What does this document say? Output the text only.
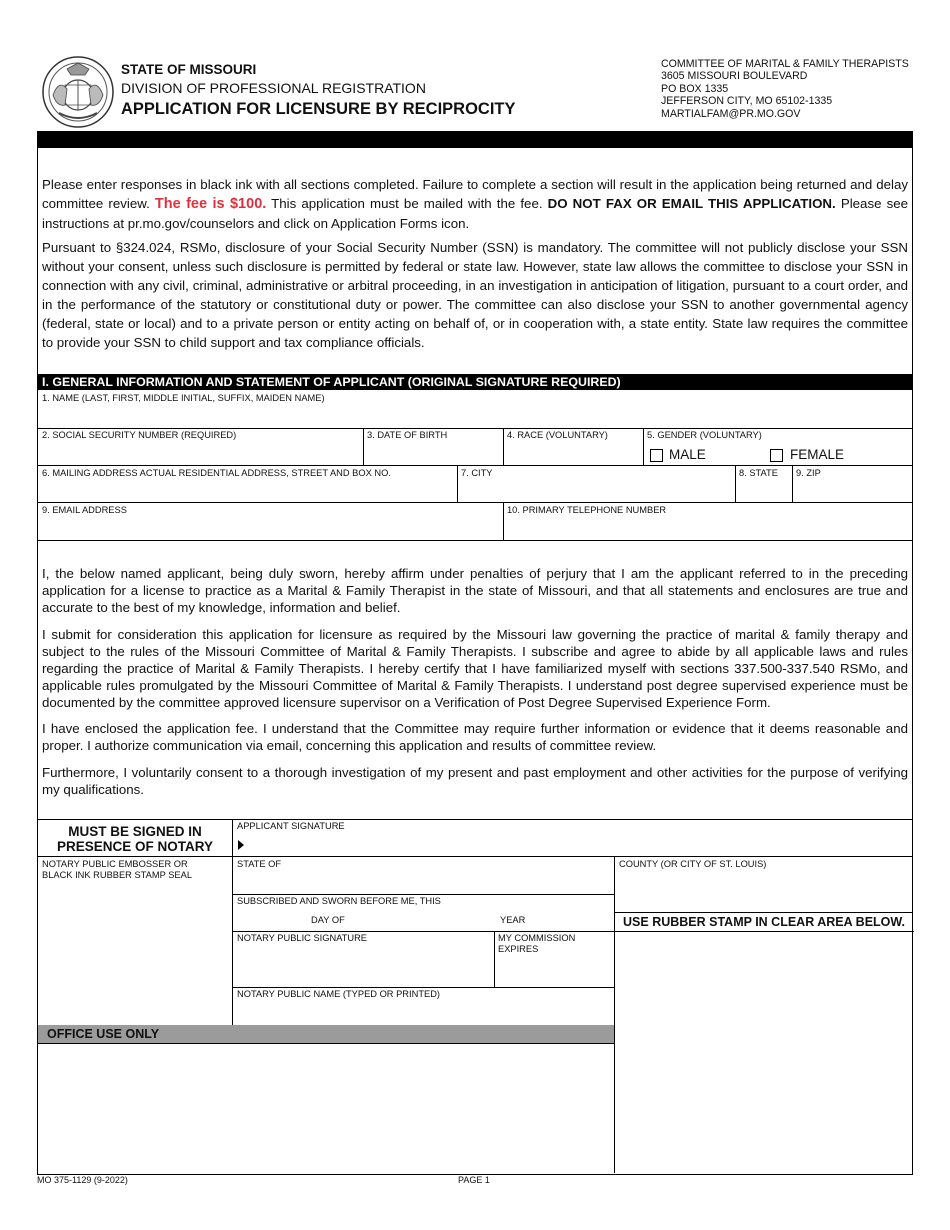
STATE OF MISSOURI
DIVISION OF PROFESSIONAL REGISTRATION
APPLICATION FOR LICENSURE BY RECIPROCITY
COMMITTEE OF MARITAL & FAMILY THERAPISTS
3605 MISSOURI BOULEVARD
PO BOX 1335
JEFFERSON CITY, MO 65102-1335
MARTIALFAM@PR.MO.GOV
Please enter responses in black ink with all sections completed. Failure to complete a section will result in the application being returned and delay committee review. The fee is $100. This application must be mailed with the fee. DO NOT FAX OR EMAIL THIS APPLICATION. Please see instructions at pr.mo.gov/counselors and click on Application Forms icon.
Pursuant to §324.024, RSMo, disclosure of your Social Security Number (SSN) is mandatory. The committee will not publicly disclose your SSN without your consent, unless such disclosure is permitted by federal or state law. However, state law allows the committee to disclose your SSN in connection with any civil, criminal, administrative or arbitral proceeding, in an investigation in anticipation of litigation, pursuant to a court order, and in the performance of the statutory or constitutional duty or power. The committee can also disclose your SSN to another governmental agency (federal, state or local) and to a private person or entity acting on behalf of, or in cooperation with, a state entity. State law requires the committee to provide your SSN to child support and tax compliance officials.
I. GENERAL INFORMATION AND STATEMENT OF APPLICANT (ORIGINAL SIGNATURE REQUIRED)
1. NAME (LAST, FIRST, MIDDLE INITIAL, SUFFIX, MAIDEN NAME)
2. SOCIAL SECURITY NUMBER (REQUIRED)	3. DATE OF BIRTH	4. RACE (VOLUNTARY)	5. GENDER (VOLUNTARY)
MALE	FEMALE
6. MAILING ADDRESS ACTUAL RESIDENTIAL ADDRESS, STREET AND BOX NO.	7. CITY	8. STATE 9. ZIP
9. EMAIL ADDRESS	10. PRIMARY TELEPHONE NUMBER
I, the below named applicant, being duly sworn, hereby affirm under penalties of perjury that I am the applicant referred to in the preceding application for a license to practice as a Marital & Family Therapist in the state of Missouri, and that all statements and enclosures are true and accurate to the best of my knowledge, information and belief.
I submit for consideration this application for licensure as required by the Missouri law governing the practice of marital & family therapy and subject to the rules of the Missouri Committee of Marital & Family Therapists. I subscribe and agree to abide by all applicable laws and rules regarding the practice of Marital & Family Therapists. I hereby certify that I have familiarized myself with sections 337.500-337.540 RSMo, and applicable rules promulgated by the Missouri Committee of Marital & Family Therapists. I understand post degree supervised experience must be documented by the committee approved licensure supervisor on a Verification of Post Degree Supervised Experience Form.
I have enclosed the application fee. I understand that the Committee may require further information or evidence that it deems reasonable and proper. I authorize communication via email, concerning this application and results of committee review.
Furthermore, I voluntarily consent to a thorough investigation of my present and past employment and other activities for the purpose of verifying my qualifications.
MUST BE SIGNED IN PRESENCE OF NOTARY
APPLICANT SIGNATURE
NOTARY PUBLIC EMBOSSER OR
BLACK INK RUBBER STAMP SEAL
STATE OF	COUNTY (OR CITY OF ST. LOUIS)
SUBSCRIBED AND SWORN BEFORE ME, THIS
DAY OF	YEAR	USE RUBBER STAMP IN CLEAR AREA BELOW.
NOTARY PUBLIC SIGNATURE	MY COMMISSION
EXPIRES
NOTARY PUBLIC NAME (TYPED OR PRINTED)
OFFICE USE ONLY
MO 375-1129 (9-2022)	PAGE 1
